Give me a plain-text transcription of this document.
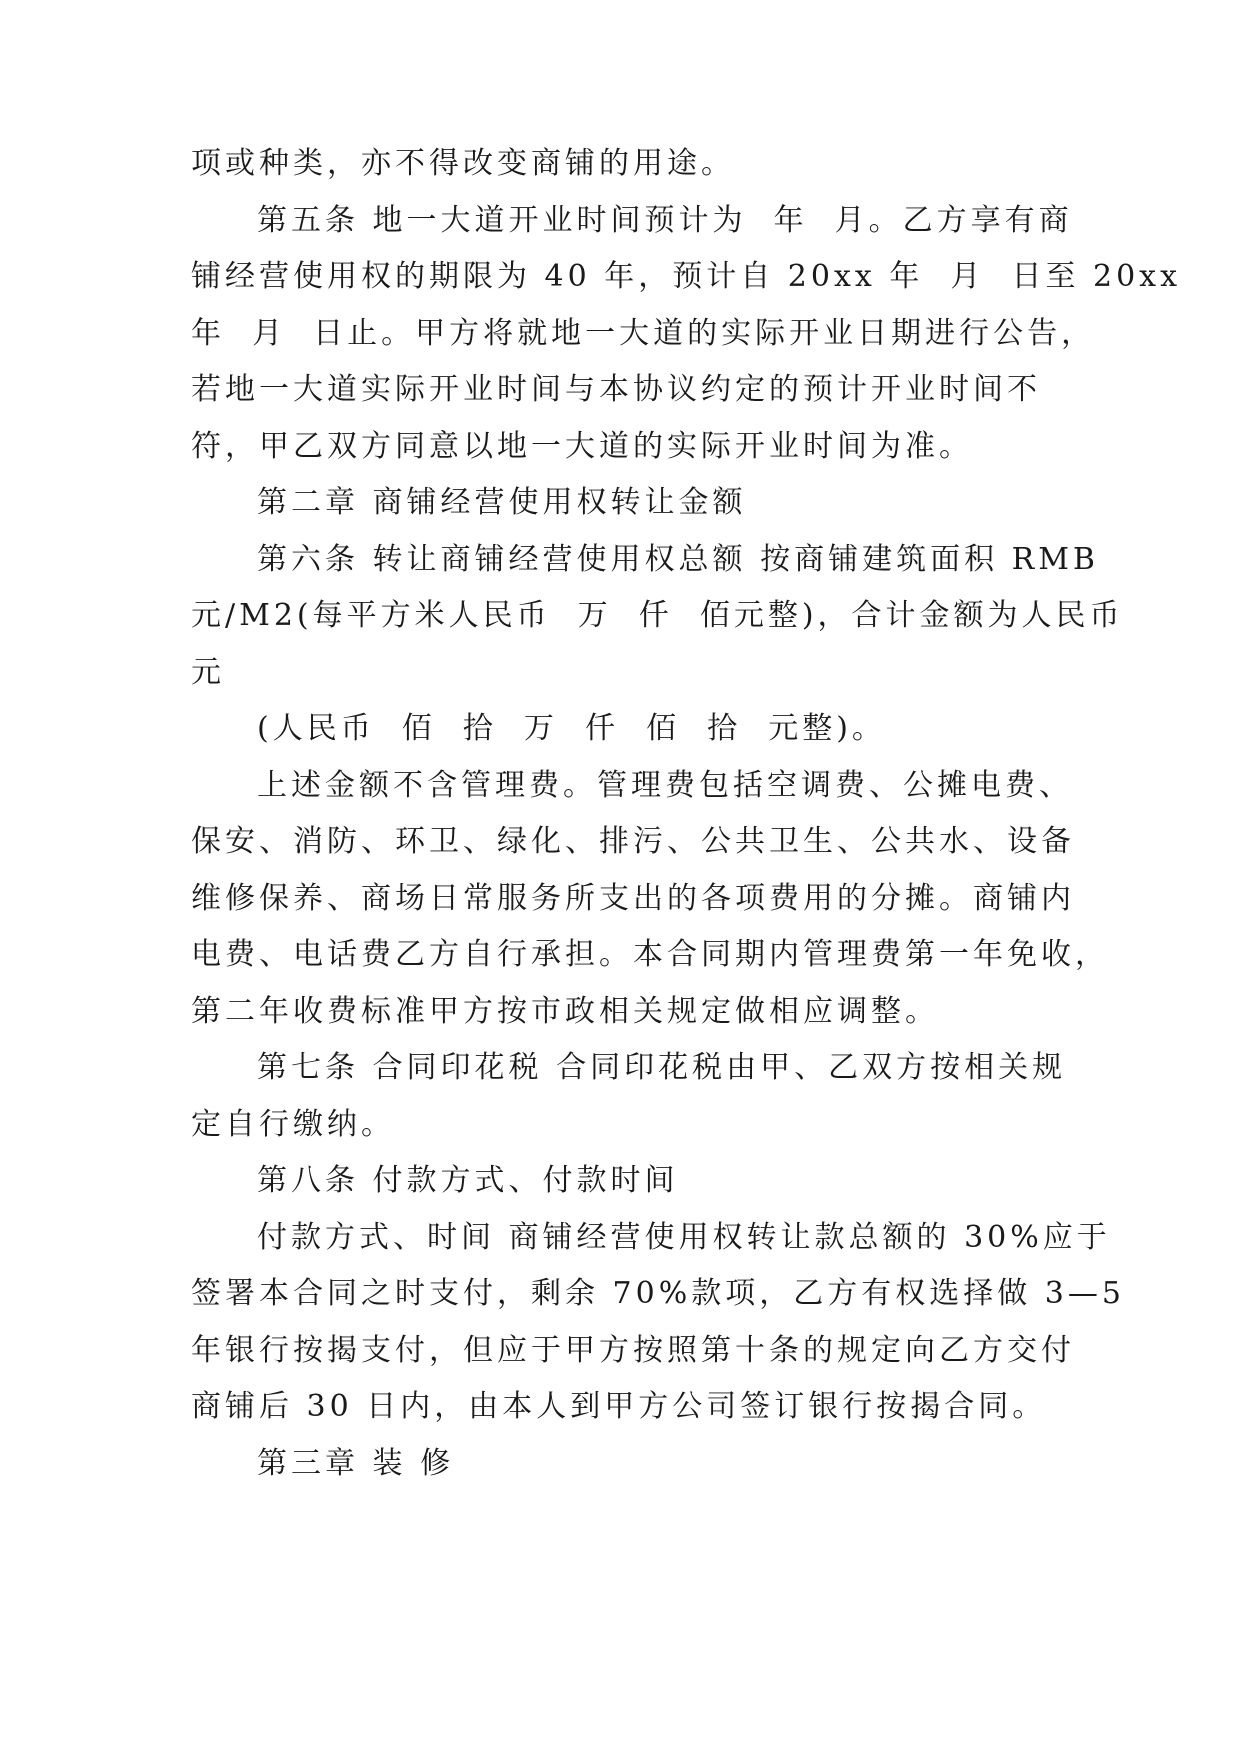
项或种类，亦不得改变商铺的用途。
第五条 地一大道开业时间预计为  年  月。乙方享有商
铺经营使用权的期限为 40 年，预计自 20xx 年  月  日至 20xx
年  月  日止。甲方将就地一大道的实际开业日期进行公告，
若地一大道实际开业时间与本协议约定的预计开业时间不
符，甲乙双方同意以地一大道的实际开业时间为准。
第二章 商铺经营使用权转让金额
第六条 转让商铺经营使用权总额 按商铺建筑面积 RMB
元/M2(每平方米人民币  万  仟  佰元整)，合计金额为人民币
元
(人民币  佰  拾  万  仟  佰  拾  元整)。
上述金额不含管理费。管理费包括空调费、公摊电费、
保安、消防、环卫、绿化、排污、公共卫生、公共水、设备
维修保养、商场日常服务所支出的各项费用的分摊。商铺内
电费、电话费乙方自行承担。本合同期内管理费第一年免收，
第二年收费标准甲方按市政相关规定做相应调整。
第七条 合同印花税 合同印花税由甲、乙双方按相关规
定自行缴纳。
第八条 付款方式、付款时间
付款方式、时间 商铺经营使用权转让款总额的 30%应于
签署本合同之时支付，剩余 70%款项，乙方有权选择做 3—5
年银行按揭支付，但应于甲方按照第十条的规定向乙方交付
商铺后 30 日内，由本人到甲方公司签订银行按揭合同。
第三章 装 修
